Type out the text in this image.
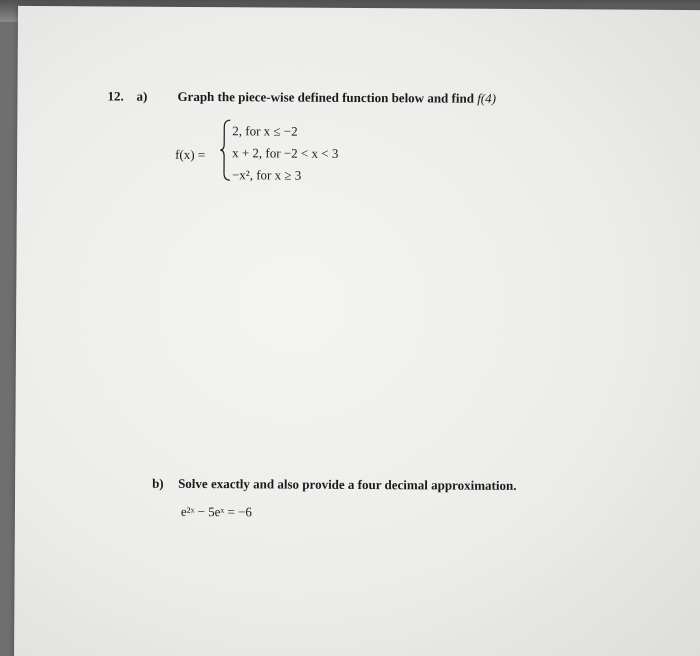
12. a) Graph the piece-wise defined function below and find f(4)
f(x) =
2, for x ≤ −2
x + 2, for −2 < x < 3
−x², for x ≥ 3
b) Solve exactly and also provide a four decimal approximation.
e²ˣ − 5eˣ = −6
